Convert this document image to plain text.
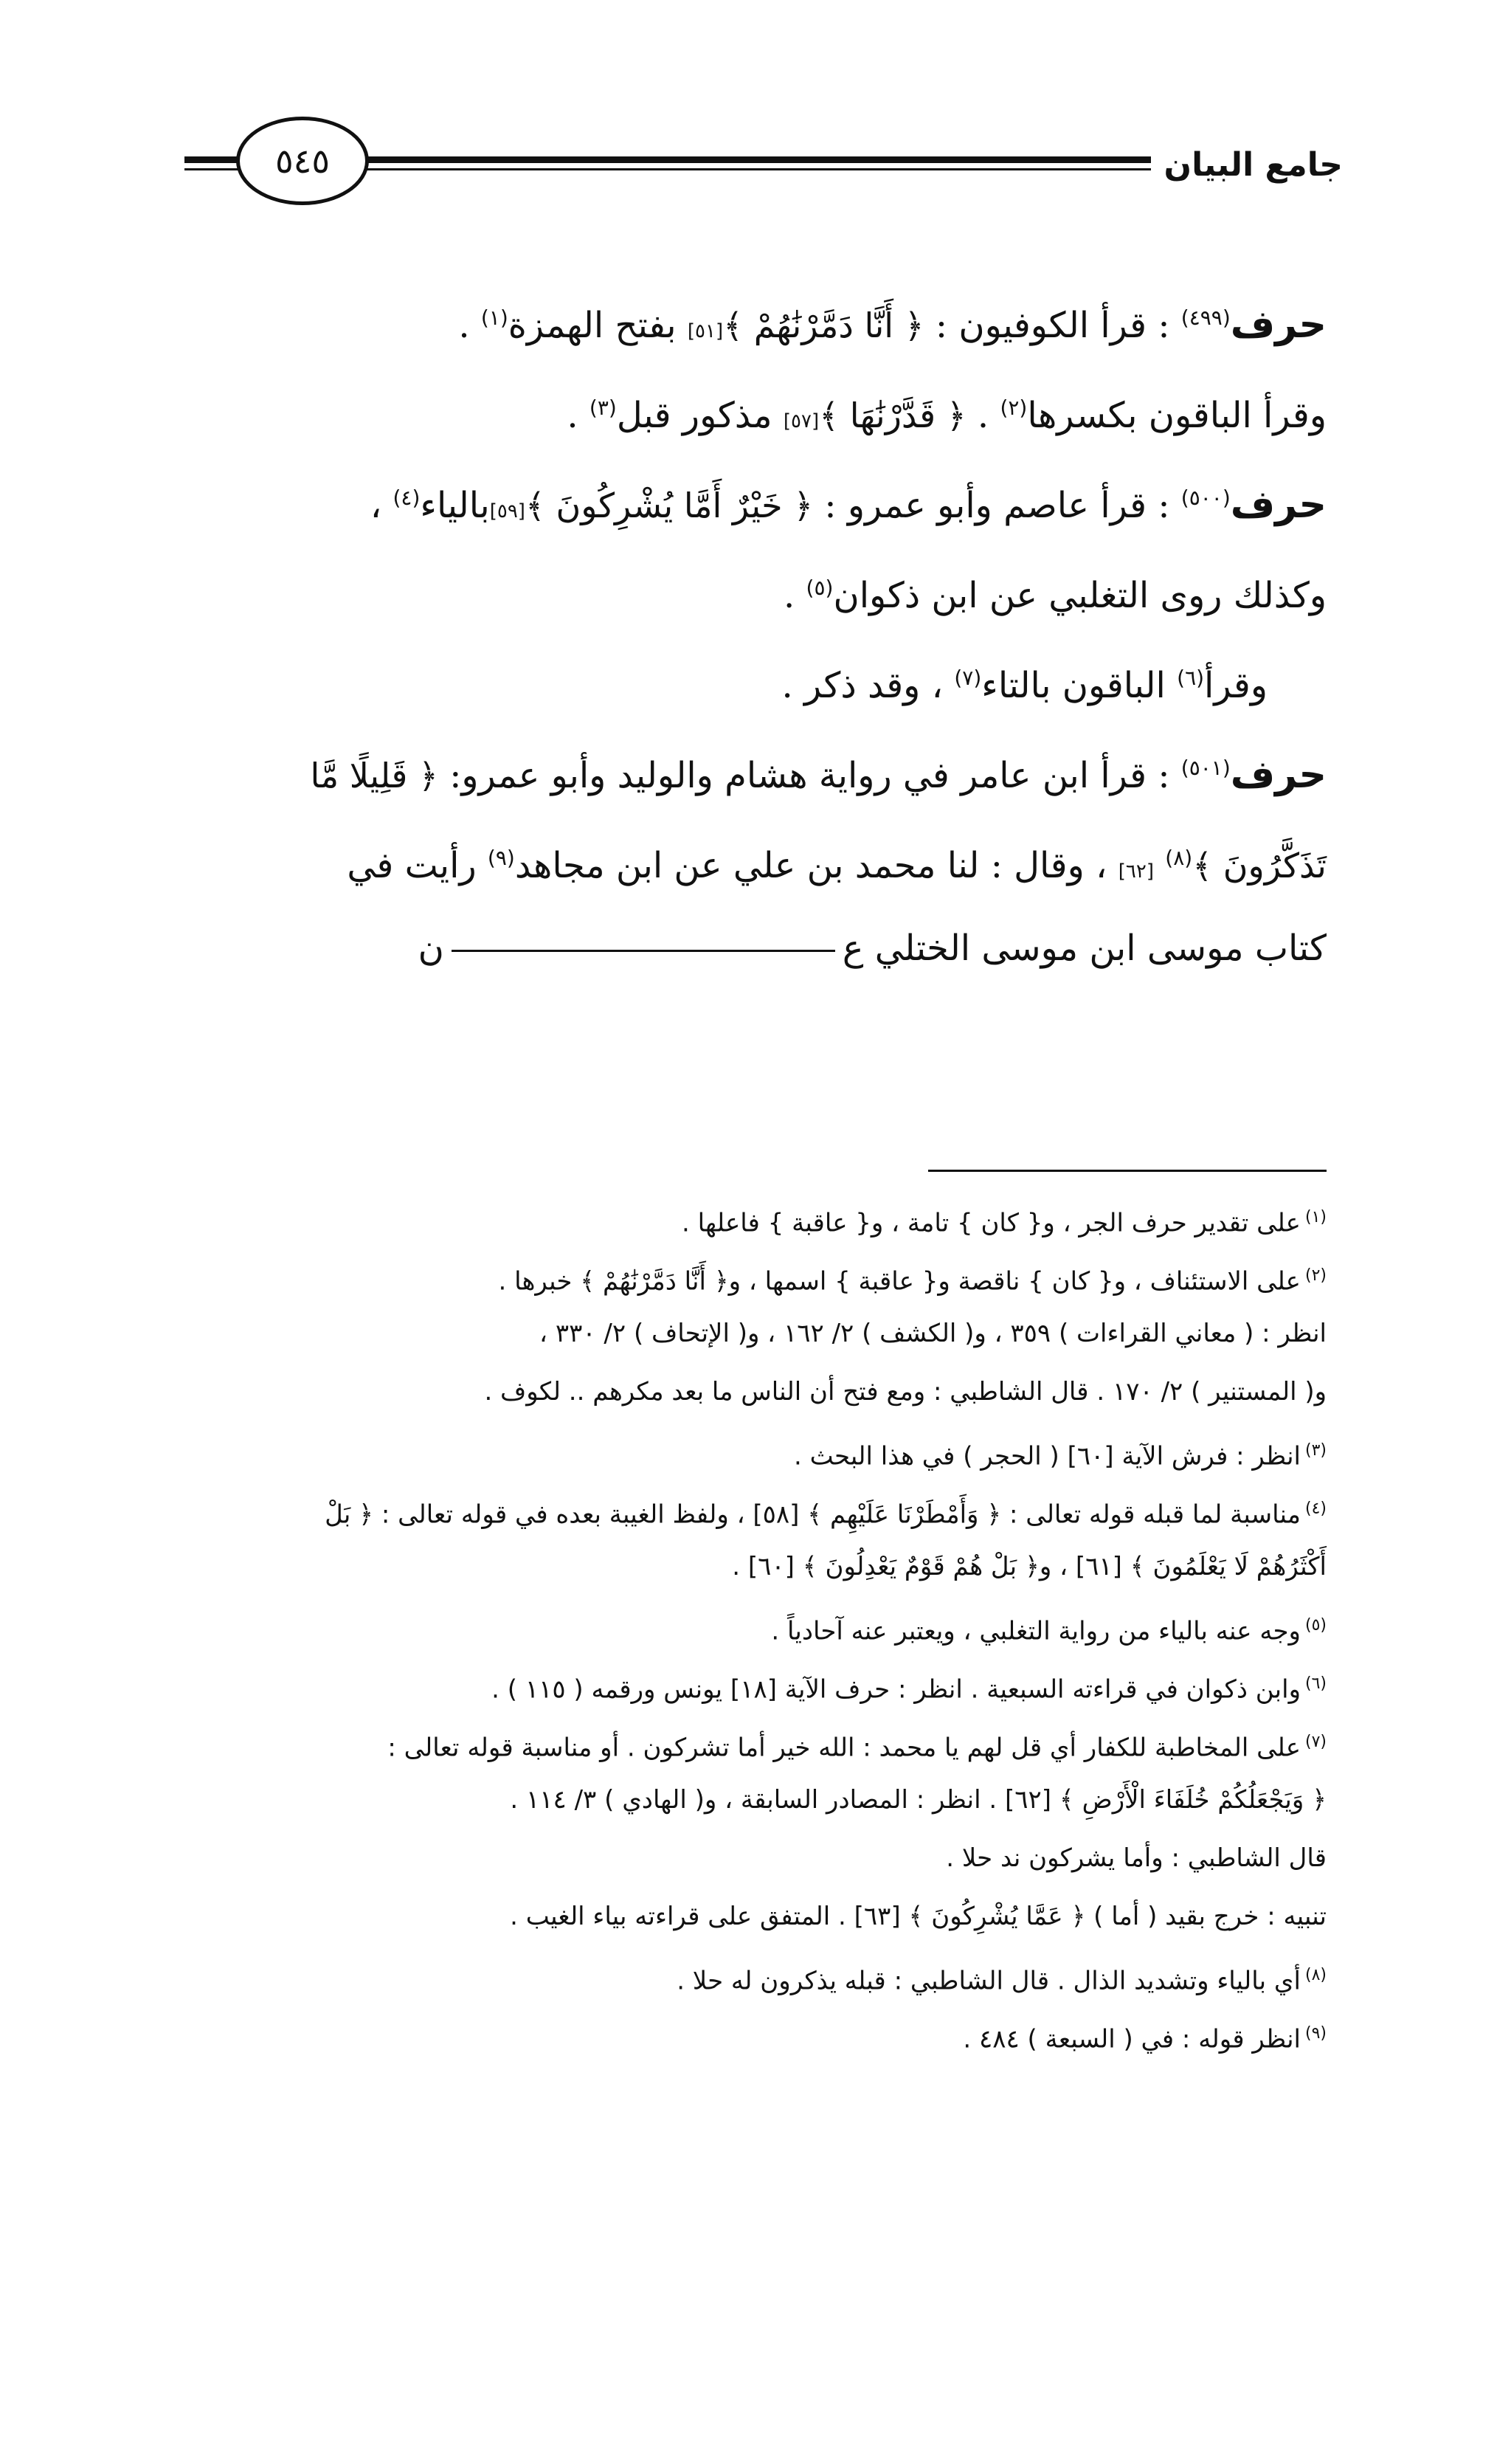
جامع البيان
٥٤٥
حرف$^{(٤٩٩)}$ : قرأ الكوفيون : ﴿ أَنَّا دَمَّرْنَٰهُمْ ﴾[٥١] بفتح الهمزة$^{(١)}$ .
وقرأ الباقون بكسرها$^{(٢)}$ . ﴿ قَدَّرْنَٰهَا ﴾[٥٧] مذكور قبل$^{(٣)}$ .
حرف$^{(٥٠٠)}$ : قرأ عاصم وأبو عمرو : ﴿ خَيْرٌ أَمَّا يُشْرِكُونَ ﴾[٥٩]بالياء$^{(٤)}$ ،
وكذلك روى التغلبي عن ابن ذكوان$^{(٥)}$ .
وقرأ$^{(٦)}$ الباقون بالتاء$^{(٧)}$ ، وقد ذكر .
حرف$^{(٥٠١)}$ : قرأ ابن عامر في رواية هشام والوليد وأبو عمرو: ﴿ قَلِيلًا مَّا
تَذَكَّرُونَ ﴾$^{(٨)}$ [٦٢] ، وقال : لنا محمد بن علي عن ابن مجاهد$^{(٩)}$ رأيت في
كتاب موسى ابن موسى الختلي عن
$^{(١)}$على تقدير حرف الجر ، و{ كان } تامة ، و{ عاقبة } فاعلها .
$^{(٢)}$على الاستئناف ، و{ كان } ناقصة و{ عاقبة } اسمها ، و﴿ أَنَّا دَمَّرْنَٰهُمْ ﴾ خبرها .
انظر : ( معاني القراءات ) ٣٥٩ ، و( الكشف ) ٢/ ١٦٢ ، و( الإتحاف ) ٢/ ٣٣٠ ،
و( المستنير ) ٢/ ١٧٠ . قال الشاطبي : ومع فتح أن الناس ما بعد مكرهم .. لكوف .
$^{(٣)}$انظر : فرش الآية [٦٠] ( الحجر ) في هذا البحث .
$^{(٤)}$مناسبة لما قبله قوله تعالى : ﴿ وَأَمْطَرْنَا عَلَيْهِم ﴾ [٥٨] ، ولفظ الغيبة بعده في قوله تعالى : ﴿ بَلْ
أَكْثَرُهُمْ لَا يَعْلَمُونَ ﴾ [٦١] ، و﴿ بَلْ هُمْ قَوْمٌ يَعْدِلُونَ ﴾ [٦٠] .
$^{(٥)}$وجه عنه بالياء من رواية التغلبي ، ويعتبر عنه آحادياً .
$^{(٦)}$وابن ذكوان في قراءته السبعية . انظر : حرف الآية [١٨] يونس ورقمه ( ١١٥ ) .
$^{(٧)}$على المخاطبة للكفار أي قل لهم يا محمد : الله خير أما تشركون . أو مناسبة قوله تعالى :
﴿ وَيَجْعَلُكُمْ خُلَفَاءَ الْأَرْضِ ﴾ [٦٢] . انظر : المصادر السابقة ، و( الهادي ) ٣/ ١١٤ .
قال الشاطبي : وأما يشركون ند حلا .
تنبيه : خرج بقيد ( أما ) ﴿ عَمَّا يُشْرِكُونَ ﴾ [٦٣] . المتفق على قراءته بياء الغيب .
$^{(٨)}$أي بالياء وتشديد الذال . قال الشاطبي : قبله يذكرون له حلا .
$^{(٩)}$انظر قوله : في ( السبعة ) ٤٨٤ .
